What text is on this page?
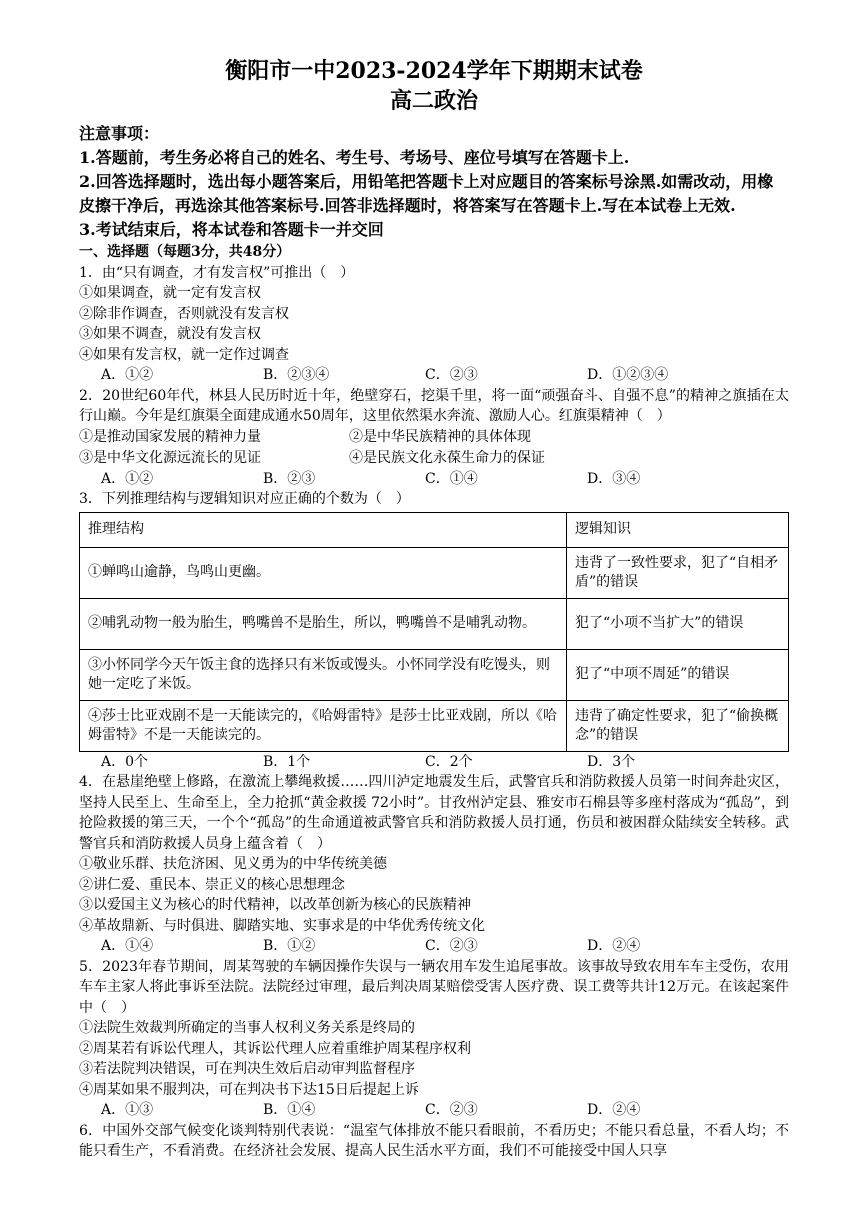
衡阳市一中2023-2024学年下期期末试卷
高二政治

注意事项：

1.答题前，考生务必将自己的姓名、考生号、考场号、座位号填写在答题卡上.

2.回答选择题时，选出每小题答案后，用铅笔把答题卡上对应题目的答案标号涂黑.如需改动，用橡皮擦干净后，再选涂其他答案标号.回答非选择题时，将答案写在答题卡上.写在本试卷上无效.

3.考试结束后，将本试卷和答题卡一并交回

一、选择题（每题3分，共48分）

1．由“只有调查，才有发言权”可推出（　）

①如果调查，就一定有发言权

②除非作调查，否则就没有发言权

③如果不调查，就没有发言权

④如果有发言权，就一定作过调查

A．①②	B．②③④	C．②③	D．①②③④

2．20世纪60年代，林县人民历时近十年，绝壁穿石，挖渠千里，将一面“顽强奋斗、自强不息”的精神之旗插在太行山巅。今年是红旗渠全面建成通水50周年，这里依然渠水奔流、激励人心。红旗渠精神（　）

①是推动国家发展的精神力量	②是中华民族精神的具体体现
③是中华文化源远流长的见证	④是民族文化永葆生命力的保证
A．①②	B．②③	C．①④	D．③④

3．下列推理结构与逻辑知识对应正确的个数为（　）

推理结构	逻辑知识
①蝉鸣山逾静，鸟鸣山更幽。	违背了一致性要求，犯了“自相矛盾”的错误
②哺乳动物一般为胎生，鸭嘴兽不是胎生，所以，鸭嘴兽不是哺乳动物。	犯了“小项不当扩大”的错误
③小怀同学今天午饭主食的选择只有米饭或馒头。小怀同学没有吃馒头，则她一定吃了米饭。	犯了“中项不周延”的错误
④莎士比亚戏剧不是一天能读完的，《哈姆雷特》是莎士比亚戏剧，所以《哈姆雷特》不是一天能读完的。	违背了确定性要求，犯了“偷换概念”的错误
A．0个	B．1个	C．2个	D．3个

4．在悬崖绝壁上修路，在激流上攀绳救援……四川泸定地震发生后，武警官兵和消防救援人员第一时间奔赴灾区，坚持人民至上、生命至上，全力抢抓“黄金救援 72小时”。甘孜州泸定县、雅安市石棉县等多座村落成为“孤岛”，到抢险救援的第三天，一个个“孤岛”的生命通道被武警官兵和消防救援人员打通，伤员和被困群众陆续安全转移。武警官兵和消防救援人员身上蕴含着（　）

①敬业乐群、扶危济困、见义勇为的中华传统美德

②讲仁爱、重民本、崇正义的核心思想理念

③以爱国主义为核心的时代精神，以改革创新为核心的民族精神

④革故鼎新、与时俱进、脚踏实地、实事求是的中华优秀传统文化

A．①④	B．①②	C．②③	D．②④

5．2023年春节期间，周某驾驶的车辆因操作失误与一辆农用车发生追尾事故。该事故导致农用车车主受伤，农用车车主家人将此事诉至法院。法院经过审理，最后判决周某赔偿受害人医疗费、误工费等共计12万元。在该起案件中（　）

①法院生效裁判所确定的当事人权利义务关系是终局的

②周某若有诉讼代理人，其诉讼代理人应着重维护周某程序权利

③若法院判决错误，可在判决生效后启动审判监督程序

④周某如果不服判决，可在判决书下达15日后提起上诉

A．①③	B．①④	C．②③	D．②④

6．中国外交部气候变化谈判特别代表说：“温室气体排放不能只看眼前，不看历史；不能只看总量，不看人均；不能只看生产，不看消费。在经济社会发展、提高人民生活水平方面，我们不可能接受中国人只享
